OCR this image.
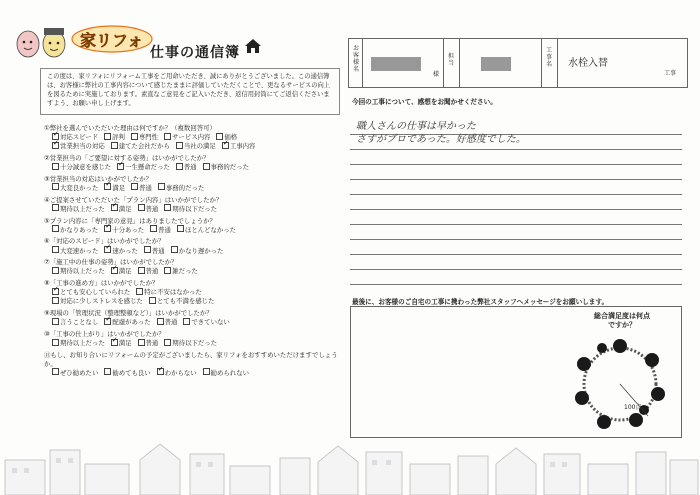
家リフォ
仕事の通信簿
この度は、家リフォにリフォーム工事をご用命いただき、誠にありがとうございました。この通信簿は、お客様に弊社の工事内容について感じたままに評価していただくことで、更なるサービスの向上を図るために実施しております。素直なご意見をご記入いただき、返信用封筒にてご返信くださいますよう、お願い申し上げます。
①弊社を選んでいただいた理由は何ですか？（複数回答可）
✓対応スピード 評判 専門性 サービス内容 価格
✓営業担当の対応 建てた会社だから 当社の満足 ✓ 工事内容
②営業担当の「ご要望に対する姿勢」はいかがでしたか？
十分誠意を感じた ✓ 一生懸命だった 普通 事務的だった
③営業担当の対応はいかがでしたか？
大変良かった ✓ 満足 普通 事務的だった
④ご提案させていただいた「プラン内容」はいかがでしたか？
期待以上だった ✓ 満足 普通 期待以下だった
⑤プラン内容に「専門家の意見」はありましたでしょうか？
かなりあった ✓ 十分あった 普通 ほとんどなかった
⑥「対応のスピード」はいかがでしたか？
大変速かった ✓ 速かった 普通 かなり遅かった
⑦「施工中の仕事の姿勢」はいかがでしたか？
期待以上だった ✓ 満足 普通 雑だった
⑧「工事の進め方」はいかがでしたか？
✓とても安心していられた 特に不安はなかった
対応に少しストレスを感じた とても不満を感じた
⑨現場の「管理状況（整理整頓など）」はいかがでしたか？
言うことなし ✓ 配慮があった 普通 できていない
⑩「工事の仕上がり」はいかがでしたか？
期待以上だった ✓ 満足 普通 期待以下だった
⑪もし、お知り合いにリフォームの予定がございましたら、家リフォをおすすめいただけますでしょうか。
ぜひ勧めたい 勧めても良い ✓ わからない 勧められない
お客様名
様
担当
工事名 水栓入替
工事
今回の工事について、感想をお聞かせください。
職人さんの仕事は早かった
さすがプロであった。好感度でした。
最後に、お客様のご自宅の工事に携わった弊社スタッフへメッセージをお願いします。
総合満足度は何点ですか？
100点
